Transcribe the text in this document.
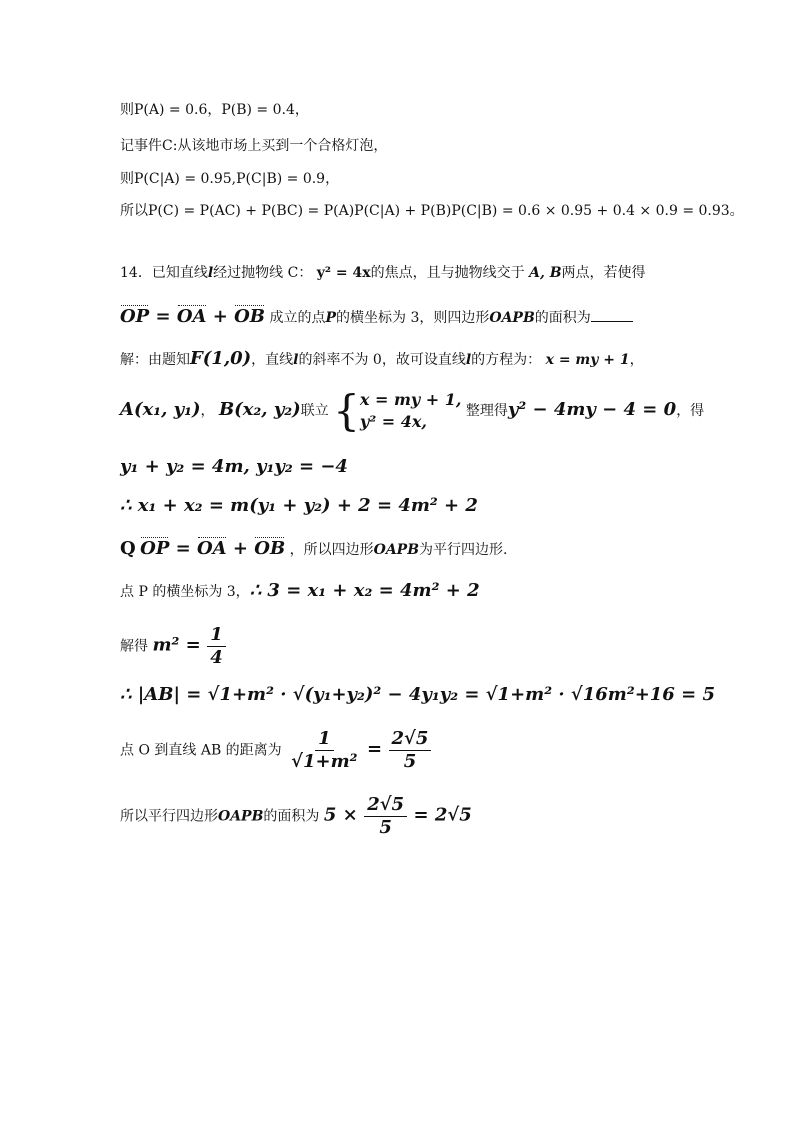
则P(A) = 0.6，P(B) = 0.4，
记事件C:从该地市场上买到一个合格灯泡，
则P(C|A) = 0.95,P(C|B) = 0.9，
所以P(C) = P(AC) + P(BC) = P(A)P(C|A) + P(B)P(C|B) = 0.6 × 0.95 + 0.4 × 0.9 = 0.93。
14．已知直线l经过抛物线 C： y² = 4x的焦点，且与抛物线交于 A, B两点，若使得
OP = OA + OB 成立的点P的横坐标为 3，则四边形OAPB的面积为
解：由题知F(1,0)，直线l的斜率不为 0，故可设直线l的方程为： x = my + 1，
A(x₁, y₁)， B(x₂, y₂)联立 { x = my + 1,
y² = 4x,
整理得y² − 4my − 4 = 0，得
y₁ + y₂ = 4m, y₁y₂ = −4
∴ x₁ + x₂ = m(y₁ + y₂) + 2 = 4m² + 2
Q OP = OA + OB ，所以四边形OAPB为平行四边形.
点 P 的横坐标为 3，∴ 3 = x₁ + x₂ = 4m² + 2
解得 $m^2 = \frac{1}{4}$
∴ |AB| = √1+m² · √(y₁+y₂)² − 4y₁y₂ = √1+m² · √16m²+16 = 5
点 O 到直线 AB 的距离为 $\frac{1}{\text{√1+m²}} = \frac{2√5}{5}$
所以平行四边形OAPB的面积为 $5 \times \frac{2√5}{5} = 2√5$
